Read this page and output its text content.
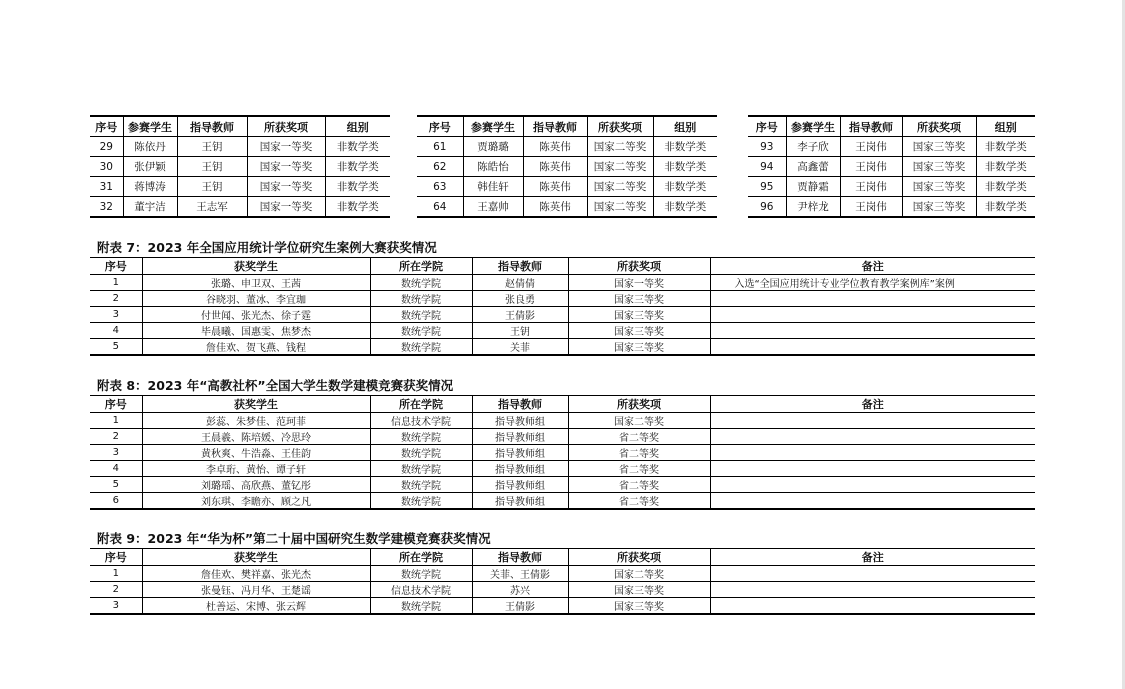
序号	参赛学生	指导教师	所获奖项	组别
29	陈依丹	王钥	国家一等奖	非数学类
30	张伊颖	王钥	国家一等奖	非数学类
31	蒋博涛	王钥	国家一等奖	非数学类
32	董宇洁	王志军	国家一等奖	非数学类
序号	参赛学生	指导教师	所获奖项	组别
61	贾璐璐	陈英伟	国家二等奖	非数学类
62	陈皓怡	陈英伟	国家二等奖	非数学类
63	韩佳轩	陈英伟	国家二等奖	非数学类
64	王嘉帅	陈英伟	国家二等奖	非数学类
序号	参赛学生	指导教师	所获奖项	组别
93	李子欣	王岗伟	国家三等奖	非数学类
94	高鑫蕾	王岗伟	国家三等奖	非数学类
95	贾静霜	王岗伟	国家三等奖	非数学类
96	尹梓龙	王岗伟	国家三等奖	非数学类
附表 7：2023 年全国应用统计学位研究生案例大赛获奖情况
序号	获奖学生	所在学院	指导教师	所获奖项	备注
1	张璐、申卫双、王茜	数统学院	赵倩倩	国家一等奖	入选“全国应用统计专业学位教育教学案例库”案例
2	谷晓羽、董冰、李宜珈	数统学院	张良勇	国家三等奖	
3	付世闻、张光杰、徐子霆	数统学院	王倩影	国家三等奖	
4	毕晨曦、国惠雯、焦梦杰	数统学院	王钥	国家三等奖	
5	詹佳欢、贺飞燕、钱程	数统学院	关菲	国家三等奖	
附表 8：2023 年“高教社杯”全国大学生数学建模竞赛获奖情况
序号	获奖学生	所在学院	指导教师	所获奖项	备注
1	彭蕊、朱梦佳、范珂菲	信息技术学院	指导教师组	国家二等奖	
2	王晨羲、陈培媛、冷思玲	数统学院	指导教师组	省二等奖	
3	黄秋爽、牛浩淼、王佳韵	数统学院	指导教师组	省二等奖	
4	李卓珩、黄怡、谭子轩	数统学院	指导教师组	省二等奖	
5	刘璐瑶、高欣燕、董钇彤	数统学院	指导教师组	省二等奖	
6	刘东琪、李瞻亦、顾之凡	数统学院	指导教师组	省二等奖	
附表 9：2023 年“华为杯”第二十届中国研究生数学建模竞赛获奖情况
序号	获奖学生	所在学院	指导教师	所获奖项	备注
1	詹佳欢、樊祥嘉、张光杰	数统学院	关菲、王倩影	国家二等奖	
2	张曼钰、冯月华、王楚谣	信息技术学院	苏兴	国家三等奖	
3	杜善运、宋博、张云辉	数统学院	王倩影	国家三等奖	
